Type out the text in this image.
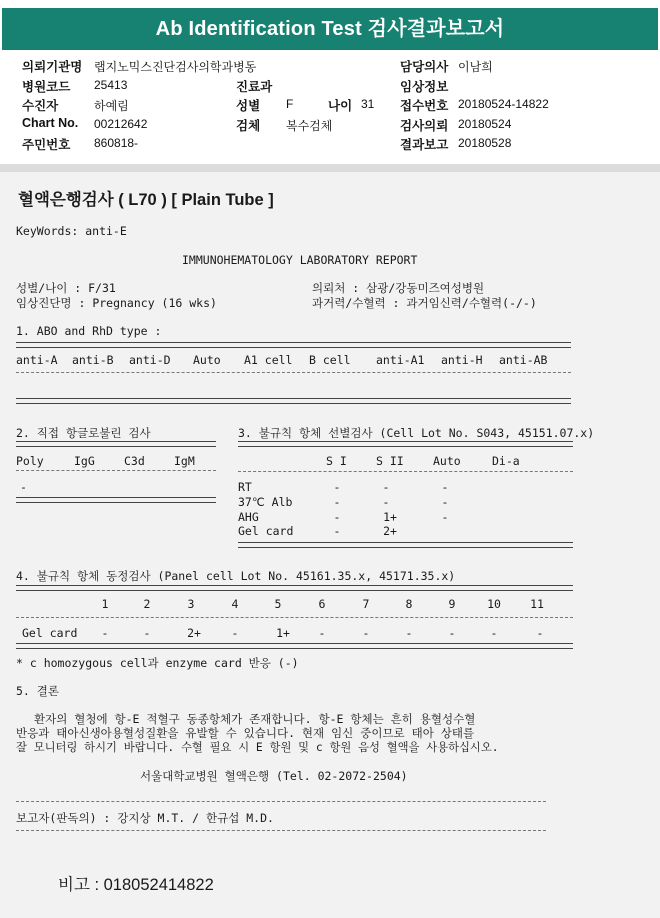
Ab Identification Test 검사결과보고서
의뢰기관명 랩지노믹스진단검사의학과병동	담당의사 이남희
병원코드 25413	진료과	임상정보
수진자	하예림	성별 F	나이 31 접수번호 20180524-14822
Chart No. 00212642	검체 복수검체	검사의뢰 20180524
주민번호 860818-	결과보고 20180528
혈액은행검사 ( L70 ) [ Plain Tube ]
KeyWords: anti-E
IMMUNOHEMATOLOGY LABORATORY REPORT
성별/나이 : F/31
임상진단명 : Pregnancy (16 wks)
의뢰처 : 삼광/강동미즈여성병원
과거력/수혈력 : 과거임신력/수혈력(-/-)
1. ABO and RhD type :
anti-A anti-B anti-D Auto A1 cell B cell anti-A1 anti-H anti-AB
2. 직접 항글로불린 검사
Poly	IgG	C3d	IgM
-
3. 불규칙 항체 선별검사 (Cell Lot No. S043, 45151.07.x)
S I	S II	Auto	Di-a
RT	-	-	-
37℃ Alb	-	-	-
AHG	-	1+	-
Gel card	-	2+
4. 불규칙 항체 동정검사 (Panel cell Lot No. 45161.35.x, 45171.35.x)
1	2	3	4	5	6	7	8	9	10	11
Gel card	-	-	2+	-	1+	-	-	-	-	-	-
* c homozygous cell과 enzyme card 반응 (-)
5. 결론
환자의 혈청에 항-E 적혈구 동종항체가 존재합니다. 항-E 항체는 흔히 용혈성수혈
반응과 태아신생아용혈성질환을 유발할 수 있습니다. 현재 임신 중이므로 태아 상태를
잘 모니터링 하시기 바랍니다. 수혈 필요 시 E 항원 및 c 항원 음성 혈액을 사용하십시오.
서울대학교병원 혈액은행 (Tel. 02-2072-2504)
보고자(판독의) : 강지상 M.T. / 한규섭 M.D.
비고 : 018052414822
